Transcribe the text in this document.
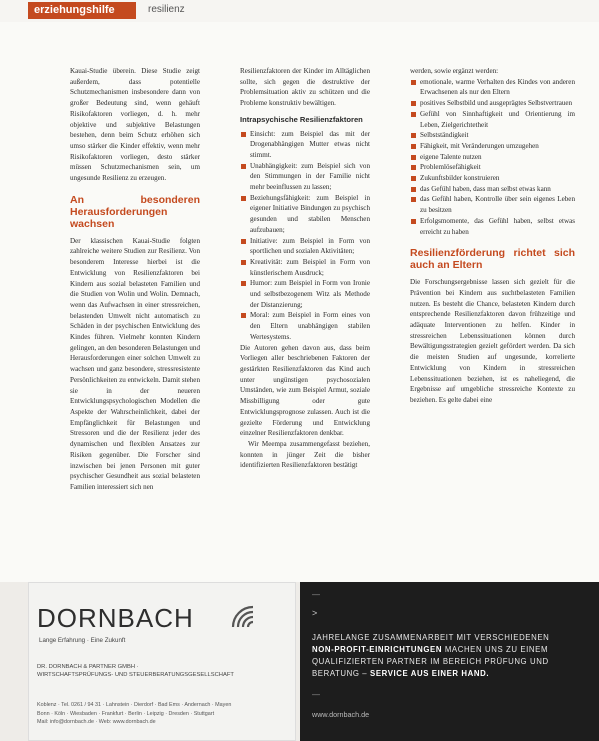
erziehungshilfe	resilienz

Kauai-Studie überein. Diese Studie zeigt außerdem, dass potentielle Schutzmechanismen insbesondere dann von großer Bedeutung sind, wenn gehäuft Risikofaktoren vorliegen, d. h. mehr objektive und subjektive Belastungen bestehen, denn beim Schutz erhöhen sich umso stärker die Kinder effektiv, wenn mehr Risikofaktoren vorliegen, desto stärker müssen Schutzmechanismen sein, um ungesunde Resilienz zu erzeugen.

An besonderen Herausforderungen wachsen

Der klassischen Kauai-Studie folgten zahlreiche weitere Studien zur Resilienz. Von besonderem Interesse hierbei ist die Entwicklung von Resilienzfaktoren bei Kindern aus sozial belasteten Familien und die Studien von Wolin und Wolin. Demnach, wenn das Aufwachsen in einer stressreichen, belastenden Umwelt nicht automatisch zu Schäden in der psychischen Entwicklung des Kindes führen. Vielmehr konnten Kindern gelingen, an den besonderen Belastungen und Herausforderungen einer solchen Umwelt zu wachsen und ganz besondere, stressresistente Persönlichkeiten zu entwickeln. Damit stehen sie in der neueren Entwicklungspsychologischen Modellen die Aspekte der Wahrscheinlichkeit, dabei der Empfänglichkeit für Belastungen und Stressoren und die der Resilienz jeder des dynamischen und flexiblen Ansatzes zur Risiken gegenüber. Die Forscher sind inzwischen bei jenen Personen mit guter psychischer Gesundheit aus sozial belasteten Familien interessiert sich nen

Resilienzfaktoren der Kinder im Alltäglichen sollte, sich gegen die destruktive der Problemsituation aktiv zu schützen und die Probleme konstruktiv bewältigen.

Intrapsychische Resilienzfaktoren
Einsicht: zum Beispiel das mit der Drogenabhängigen Mutter etwas nicht stimmt.
Unabhängigkeit: zum Beispiel sich von den Stimmungen in der Familie nicht mehr beeinflussen zu lassen;
Beziehungsfähigkeit: zum Beispiel in eigener Initiative Bindungen zu psychisch gesunden und stabilen Menschen aufzubauen;
Initiative: zum Beispiel in Form von sportlichen und sozialen Aktivitäten;
Kreativität: zum Beispiel in Form von künstlerischem Ausdruck;
Humor: zum Beispiel in Form von Ironie und selbstbezogenem Witz als Methode der Distanzierung;
Moral: zum Beispiel in Form eines von den Eltern unabhängigen stabilen Wertesystems.

Die Autoren gehen davon aus, dass beim Vorliegen aller beschriebenen Faktoren der gestärkten Resilienzfaktoren das Kind auch unter ungünstigen psychosozialen Umständen, wie zum Beispiel Armut, soziale Missbilligung oder gute Entwicklungsprognose zulassen. Auch ist die gezielte Förderung und Entwicklung einzelner Resilienzfaktoren denkbar.

Wir Meempa zusammengefasst beziehen, konnten in jünger Zeit die bisher identifizierten Resilienzfaktoren bestätigt

werden, sowie ergänzt werden:

emotionale, warme Verhalten des Kindes von anderen Erwachsenen als nur den Eltern
positives Selbstbild und ausgeprägtes Selbstvertrauen
Gefühl von Sinnhaftigkeit und Orientierung im Leben, Zielgerichtetheit
Selbstständigkeit
Fähigkeit, mit Veränderungen umzugehen
eigene Talente nutzen
Problemlösefähigkeit
Zukunftsbilder konstruieren
das Gefühl haben, dass man selbst etwas kann
das Gefühl haben, Kontrolle über sein eigenes Leben zu besitzen
Erfolgsmomente, das Gefühl haben, selbst etwas erreicht zu haben
Resilienzförderung richtet sich auch an Eltern

Die Forschungsergebnisse lassen sich gezielt für die Prävention bei Kindern aus suchtbelasteten Familien nutzen. Es besteht die Chance, belasteten Kindern durch entsprechende Resilienzfaktoren davon frühzeitige und adäquate Interventionen zu helfen. Kinder in stressreichen Lebenssituationen können durch Bewältigungsstrategien gezielt gefördert werden. Da sich die meisten Studien auf ungesunde, korrelierte Entwicklung von Kindern in stressreichen Lebenssituationen beziehen, ist es naheliegend, die Ergebnisse auf umgebliche stressreiche Kontexte zu beziehen. Es gelte dabei eine

DORNBACH
Lange Erfahrung · Eine Zukunft
DR. DORNBACH & PARTNER GMBH ·
WIRTSCHAFTSPRÜFUNGS- UND STEUERBERATUNGSGESELLSCHAFT
Koblenz · Tel. 0261 / 94 31 · Lahnstein · Dierdorf · Bad Ems · Andernach · Mayen
Bonn · Köln · Wiesbaden · Frankfurt · Berlin · Leipzig · Dresden · Stuttgart
Mail: info@dornbach.de · Web: www.dornbach.de
—
>
JAHRELANGE ZUSAMMENARBEIT MIT VERSCHIEDENEN
NON-PROFIT-EINRICHTUNGEN MACHEN UNS ZU EINEM
QUALIFIZIERTEN PARTNER IM BEREICH PRÜFUNG UND
BERATUNG – SERVICE AUS EINER HAND.
—
www.dornbach.de
